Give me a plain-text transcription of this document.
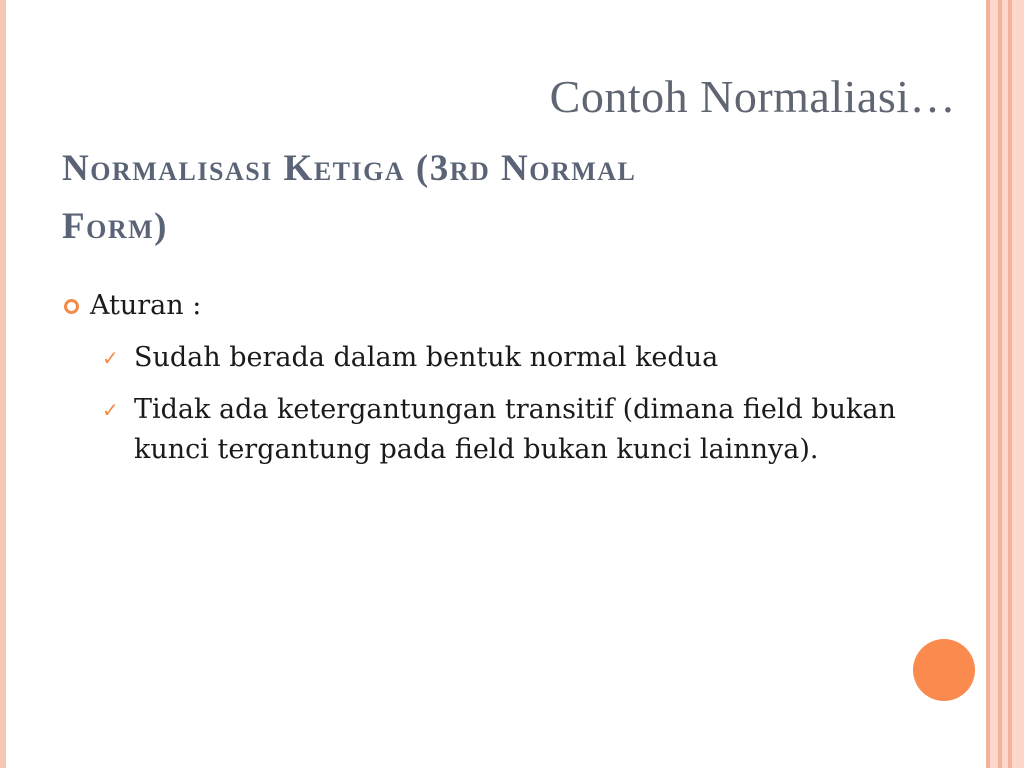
Contoh Normaliasi…
Normalisasi Ketiga (3rd Normal
Form)
Aturan :
✓ Sudah berada dalam bentuk normal kedua
✓ Tidak ada ketergantungan transitif (dimana field bukan kunci tergantung pada field bukan kunci lainnya).
